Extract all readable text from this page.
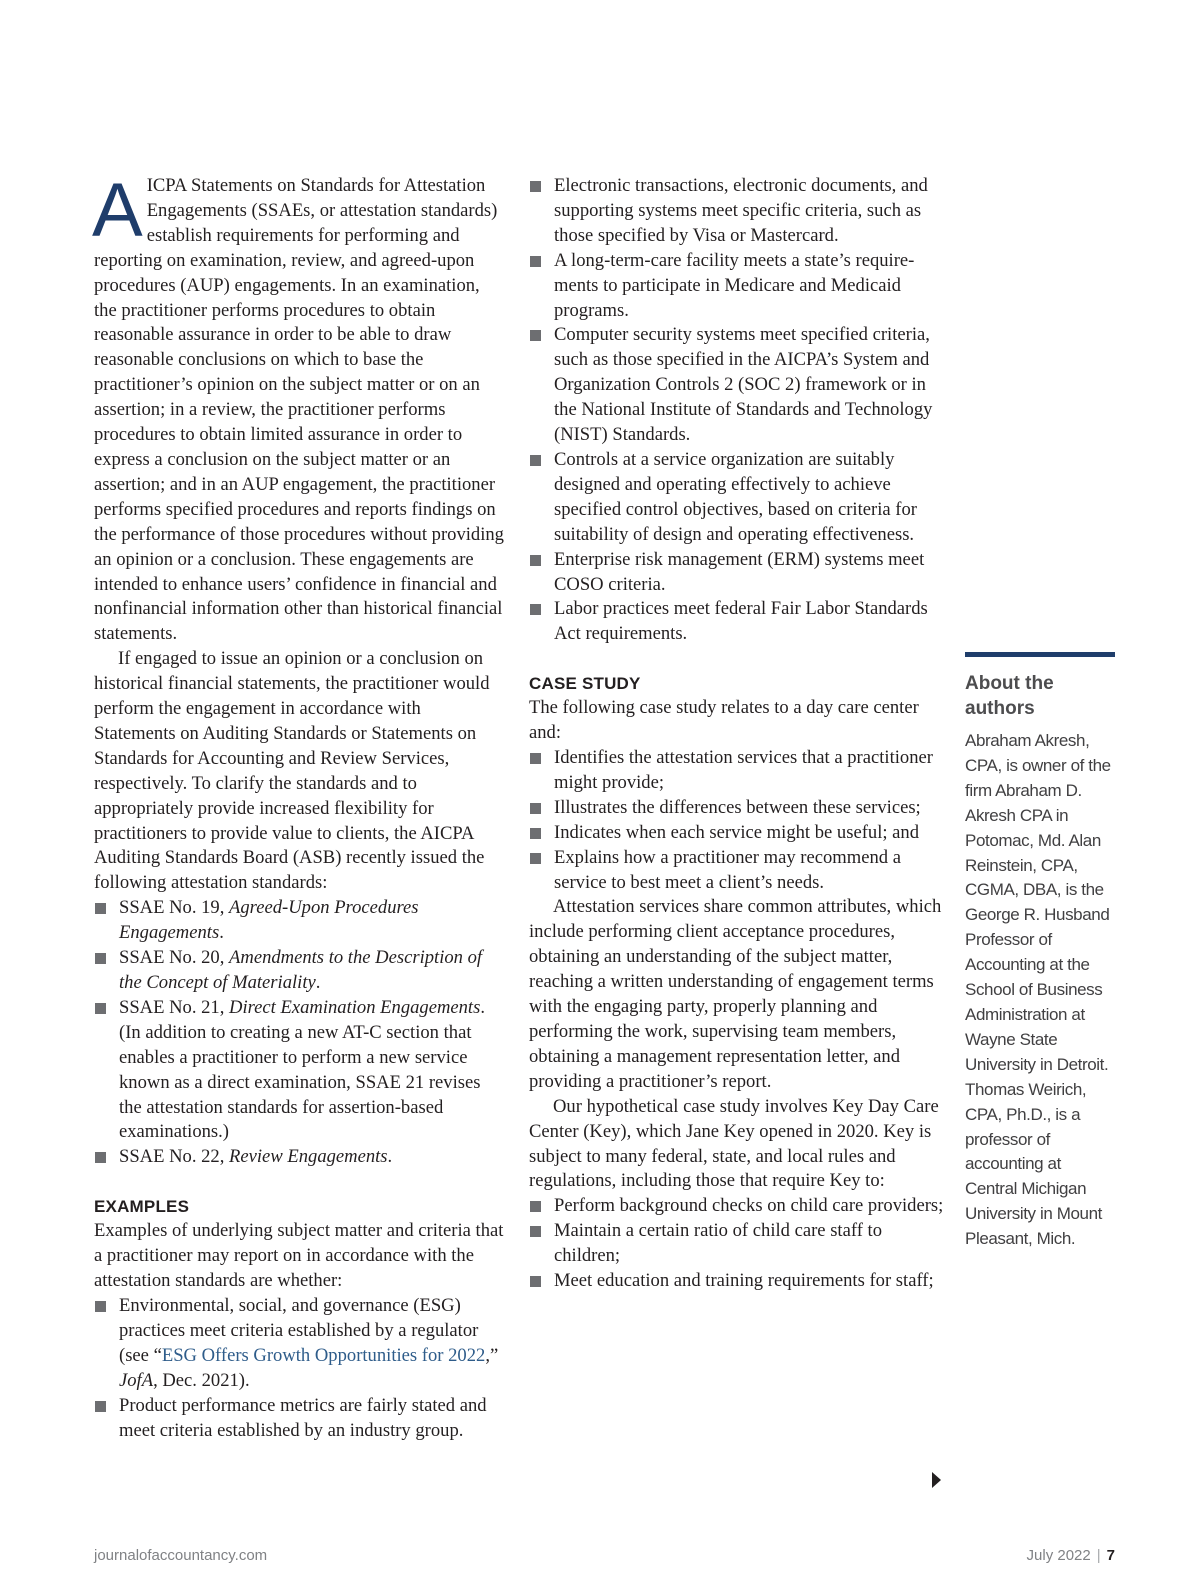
AICPA Statements on Standards for Attestation Engagements (SSAEs, or attestation standards) establish requirements for performing and reporting on examination, review, and agreed-upon procedures (AUP) engagements. In an examination, the practitioner performs procedures to obtain reasonable assurance in order to be able to draw reasonable conclusions on which to base the practitioner’s opinion on the subject matter or on an assertion; in a review, the practitioner performs procedures to obtain limited assurance in order to express a conclusion on the subject matter or an assertion; and in an AUP engagement, the practitioner performs specified procedures and reports findings on the performance of those procedures without providing an opinion or a conclusion. These engagements are intended to enhance users’ confidence in financial and nonfinancial information other than historical financial statements.

If engaged to issue an opinion or a conclusion on historical financial statements, the practitioner would perform the engagement in accordance with Statements on Auditing Standards or Statements on Standards for Accounting and Review Services, respectively. To clarify the standards and to appropriately provide increased flexibility for practitioners to provide value to clients, the AICPA Auditing Standards Board (ASB) recently issued the following attestation standards:

SSAE No. 19, Agreed-Upon Procedures Engagements.
SSAE No. 20, Amendments to the Description of the Concept of Materiality.
SSAE No. 21, Direct Examination Engagements. (In addition to creating a new AT-C section that enables a practitioner to perform a new service known as a direct examination, SSAE 21 revises the attestation standards for assertion-based examinations.)
SSAE No. 22, Review Engagements.
EXAMPLES

Examples of underlying subject matter and criteria that a practitioner may report on in accordance with the attestation standards are whether:

Environmental, social, and governance (ESG) practices meet criteria established by a regulator (see “ESG Offers Growth Opportunities for 2022,” JofA, Dec. 2021).
Product performance metrics are fairly stated and meet criteria established by an industry group.
Electronic transactions, electronic documents, and supporting systems meet specific criteria, such as those specified by Visa or Mastercard.
A long-term-care facility meets a state’s requirements to participate in Medicare and Medicaid programs.
Computer security systems meet specified criteria, such as those specified in the AICPA’s System and Organization Controls 2 (SOC 2) framework or in the National Institute of Standards and Technology (NIST) Standards.
Controls at a service organization are suitably designed and operating effectively to achieve specified control objectives, based on criteria for suitability of design and operating effectiveness.
Enterprise risk management (ERM) systems meet COSO criteria.
Labor practices meet federal Fair Labor Standards Act requirements.
CASE STUDY

The following case study relates to a day care center and:

Identifies the attestation services that a practitioner might provide;
Illustrates the differences between these services;
Indicates when each service might be useful; and
Explains how a practitioner may recommend a service to best meet a client’s needs.

Attestation services share common attributes, which include performing client acceptance procedures, obtaining an understanding of the subject matter, reaching a written understanding of engagement terms with the engaging party, properly planning and performing the work, supervising team members, obtaining a management representation letter, and providing a practitioner’s report.

Our hypothetical case study involves Key Day Care Center (Key), which Jane Key opened in 2020. Key is subject to many federal, state, and local rules and regulations, including those that require Key to:

Perform background checks on child care providers;
Maintain a certain ratio of child care staff to children;
Meet education and training requirements for staff;
About the authors
Abraham Akresh, CPA, is owner of the firm Abraham D. Akresh CPA in Potomac, Md. Alan Reinstein, CPA, CGMA, DBA, is the George R. Husband Professor of Accounting at the School of Business Administration at Wayne State University in Detroit. Thomas Weirich, CPA, Ph.D., is a professor of accounting at Central Michigan University in Mount Pleasant, Mich.
journalofaccountancy.com	July 2022 | 7
